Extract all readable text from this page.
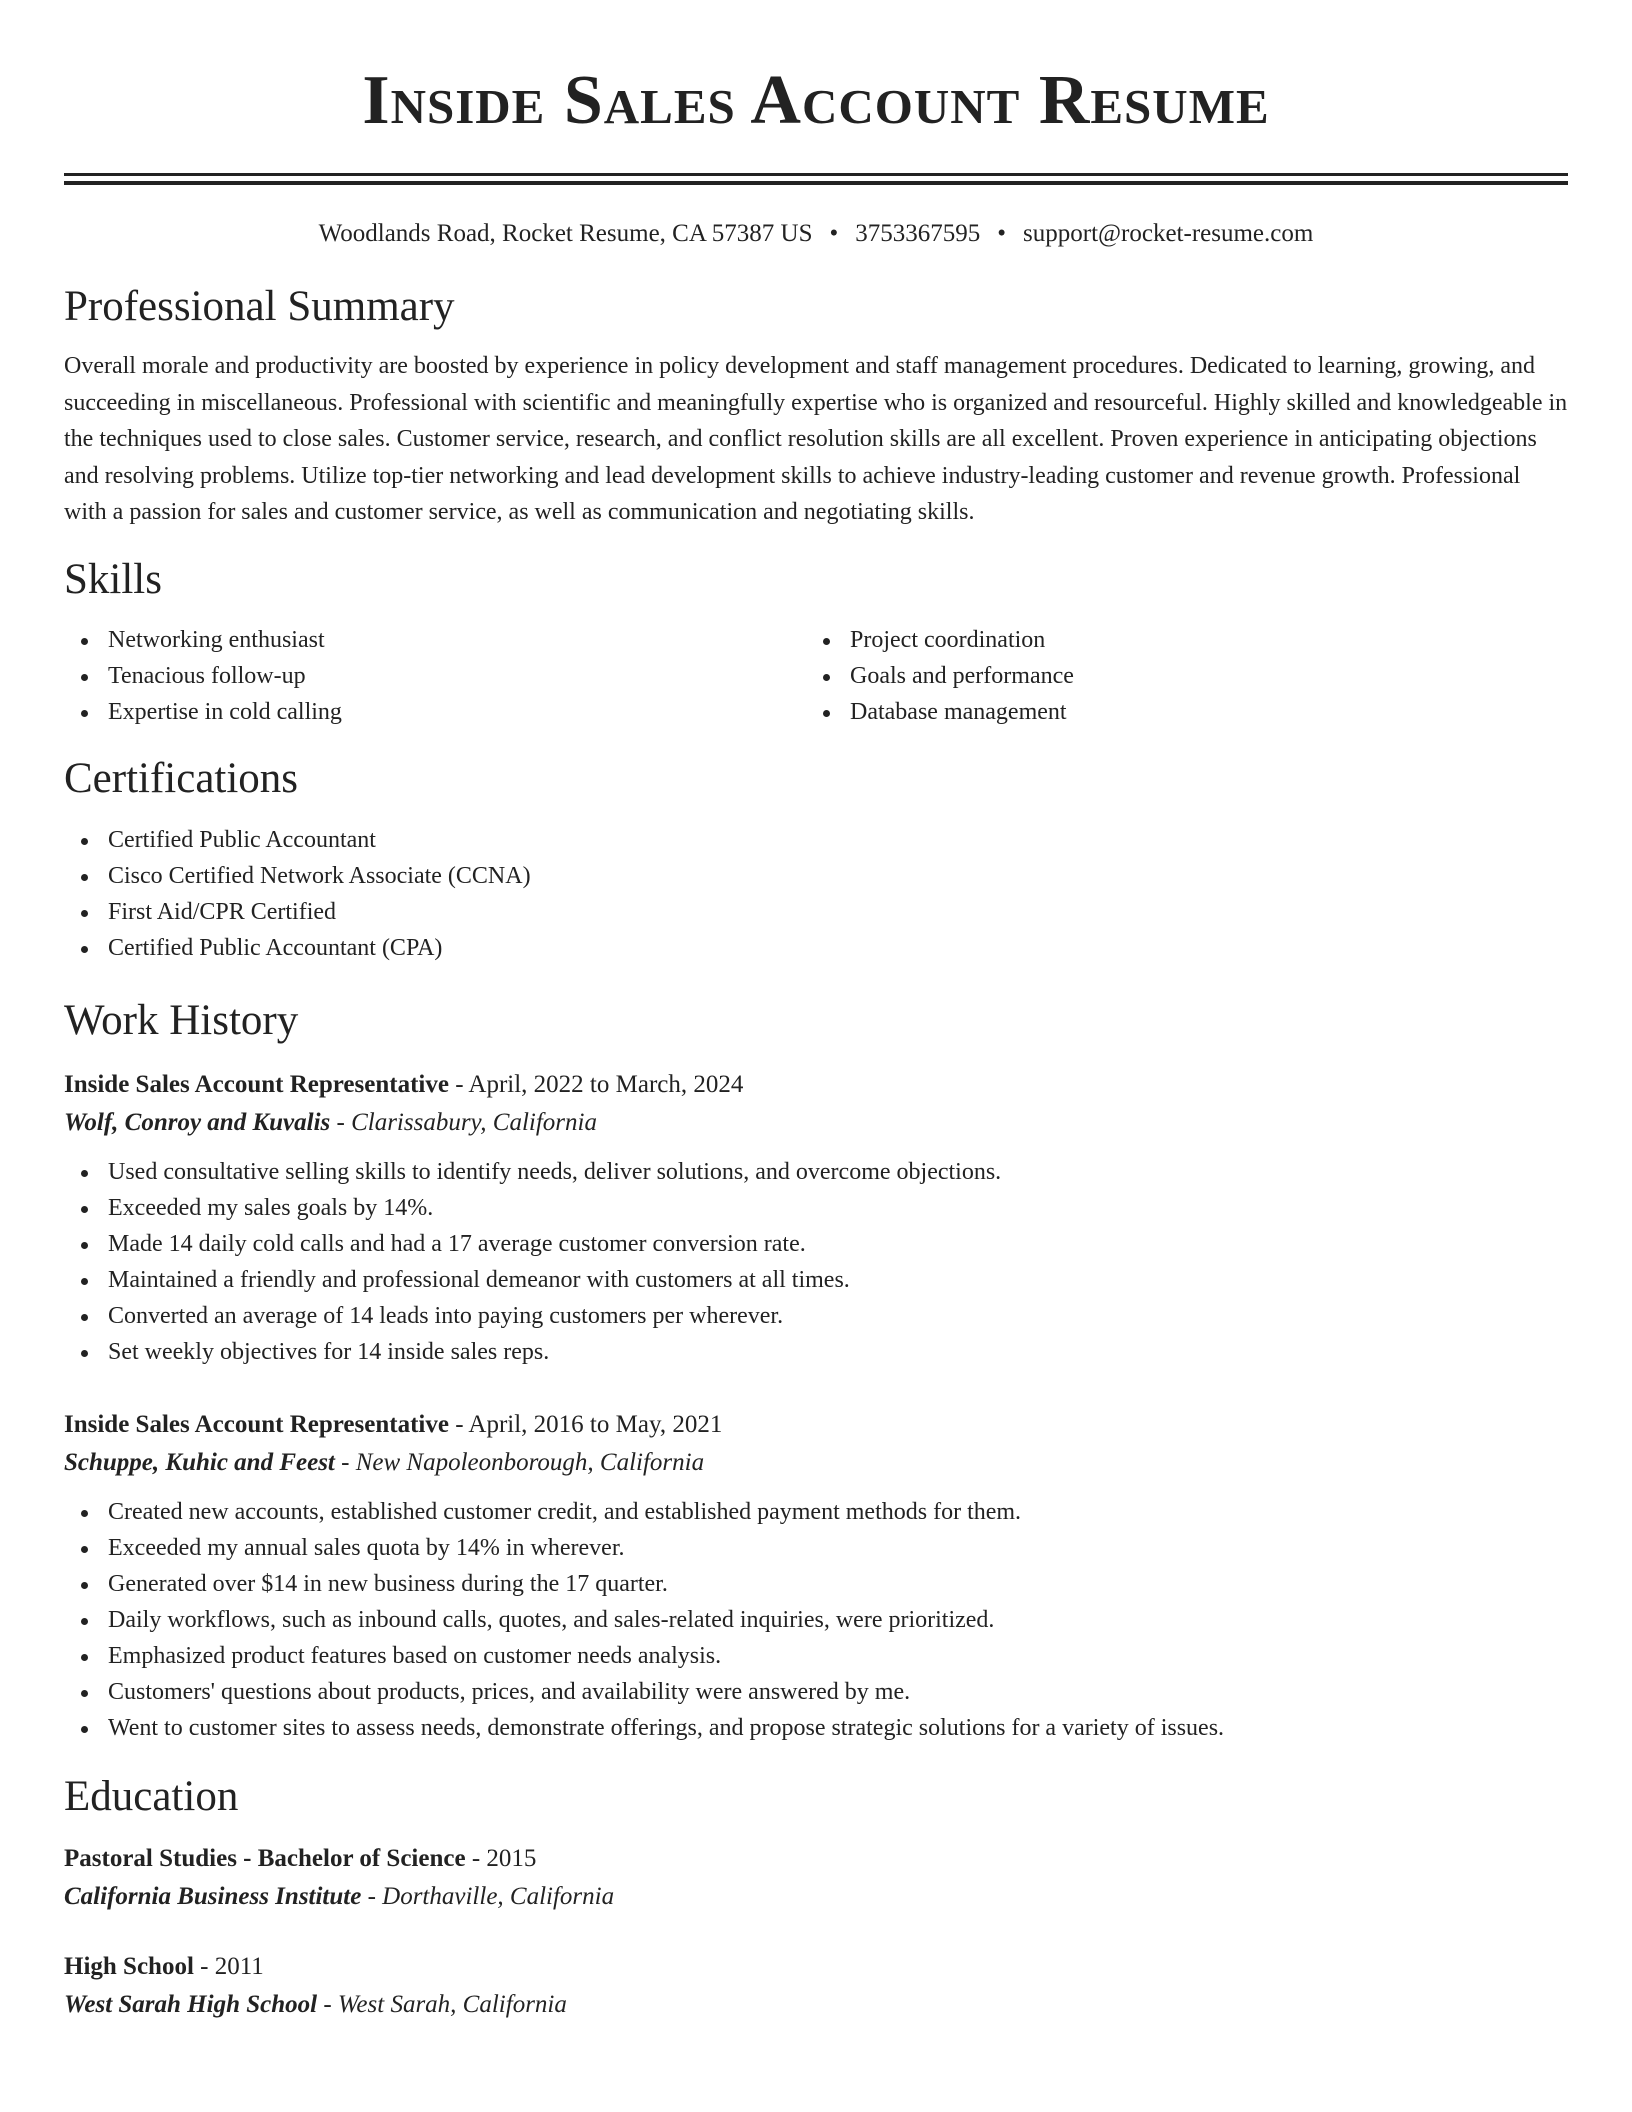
Inside Sales Account Resume
Woodlands Road, Rocket Resume, CA 57387 US • 3753367595 • support@rocket-resume.com
Professional Summary

Overall morale and productivity are boosted by experience in policy development and staff management procedures. Dedicated to learning, growing, and succeeding in miscellaneous. Professional with scientific and meaningfully expertise who is organized and resourceful. Highly skilled and knowledgeable in the techniques used to close sales. Customer service, research, and conflict resolution skills are all excellent. Proven experience in anticipating objections and resolving problems. Utilize top-tier networking and lead development skills to achieve industry-leading customer and revenue growth. Professional with a passion for sales and customer service, as well as communication and negotiating skills.

Skills
Networking enthusiast
Tenacious follow-up
Expertise in cold calling
Project coordination
Goals and performance
Database management
Certifications
Certified Public Accountant
Cisco Certified Network Associate (CCNA)
First Aid/CPR Certified
Certified Public Accountant (CPA)
Work History
Inside Sales Account Representative - April, 2022 to March, 2024
Wolf, Conroy and Kuvalis - Clarissabury, California
Used consultative selling skills to identify needs, deliver solutions, and overcome objections.
Exceeded my sales goals by 14%.
Made 14 daily cold calls and had a 17 average customer conversion rate.
Maintained a friendly and professional demeanor with customers at all times.
Converted an average of 14 leads into paying customers per wherever.
Set weekly objectives for 14 inside sales reps.
Inside Sales Account Representative - April, 2016 to May, 2021
Schuppe, Kuhic and Feest - New Napoleonborough, California
Created new accounts, established customer credit, and established payment methods for them.
Exceeded my annual sales quota by 14% in wherever.
Generated over $14 in new business during the 17 quarter.
Daily workflows, such as inbound calls, quotes, and sales-related inquiries, were prioritized.
Emphasized product features based on customer needs analysis.
Customers' questions about products, prices, and availability were answered by me.
Went to customer sites to assess needs, demonstrate offerings, and propose strategic solutions for a variety of issues.
Education
Pastoral Studies - Bachelor of Science - 2015
California Business Institute - Dorthaville, California
High School - 2011
West Sarah High School - West Sarah, California
